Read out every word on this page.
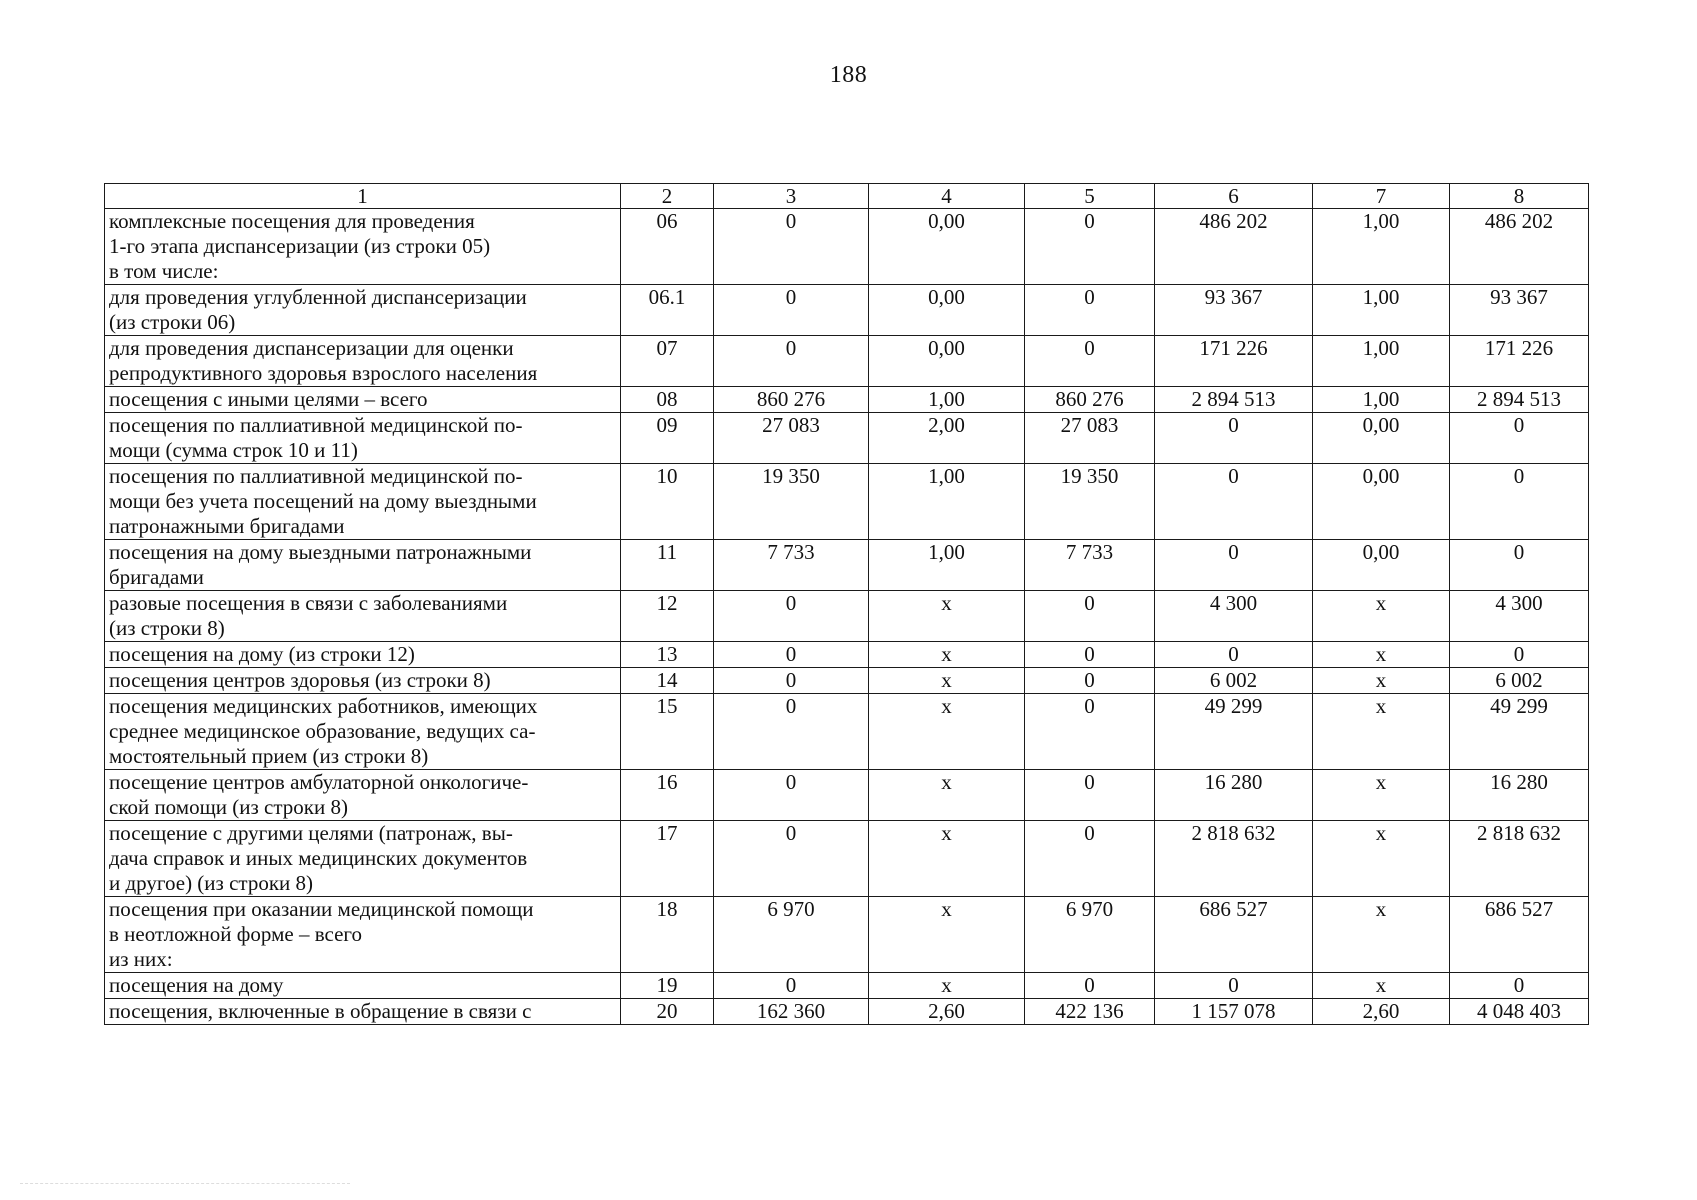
188
1	2	3	4	5	6	7	8

комплексные посещения для проведения
1-го этапа диспансеризации (из строки 05)
в том числе:	06	0	0,00	0	486 202	1,00	486 202

для проведения углубленной диспансеризации
(из строки 06)	06.1	0	0,00	0	93 367	1,00	93 367

для проведения диспансеризации для оценки
репродуктивного здоровья взрослого населения	07	0	0,00	0	171 226	1,00	171 226

посещения с иными целями – всего	08	860 276	1,00	860 276	2 894 513	1,00	2 894 513

посещения по паллиативной медицинской по-
мощи (сумма строк 10 и 11)	09	27 083	2,00	27 083	0	0,00	0

посещения по паллиативной медицинской по-
мощи без учета посещений на дому выездными
патронажными бригадами	10	19 350	1,00	19 350	0	0,00	0

посещения на дому выездными патронажными
бригадами	11	7 733	1,00	7 733	0	0,00	0

разовые посещения в связи с заболеваниями
(из строки 8)	12	0	x	0	4 300	x	4 300

посещения на дому (из строки 12)	13	0	x	0	0	x	0

посещения центров здоровья (из строки 8)	14	0	x	0	6 002	x	6 002

посещения медицинских работников, имеющих
среднее медицинское образование, ведущих са-
мостоятельный прием (из строки 8)	15	0	x	0	49 299	x	49 299

посещение центров амбулаторной онкологиче-
ской помощи (из строки 8)	16	0	x	0	16 280	x	16 280

посещение с другими целями (патронаж, вы-
дача справок и иных медицинских документов
и другое) (из строки 8)	17	0	x	0	2 818 632	x	2 818 632

посещения при оказании медицинской помощи
в неотложной форме – всего
из них:	18	6 970	x	6 970	686 527	x	686 527

посещения на дому	19	0	x	0	0	x	0

посещения, включенные в обращение в связи с	20	162 360	2,60	422 136	1 157 078	2,60	4 048 403
